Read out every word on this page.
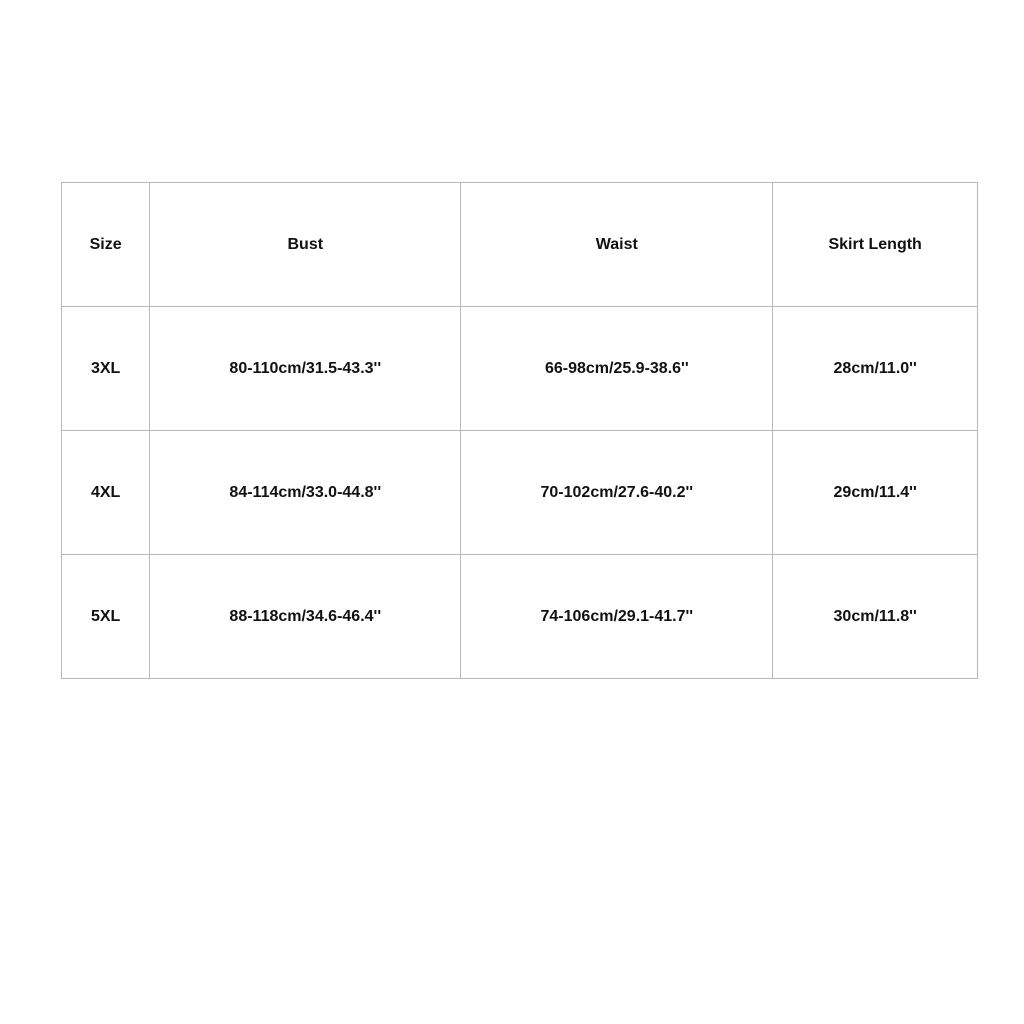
Size	Bust	Waist	Skirt Length
3XL	80-110cm/31.5-43.3''	66-98cm/25.9-38.6''	28cm/11.0''
4XL	84-114cm/33.0-44.8''	70-102cm/27.6-40.2''	29cm/11.4''
5XL	88-118cm/34.6-46.4''	74-106cm/29.1-41.7''	30cm/11.8''
